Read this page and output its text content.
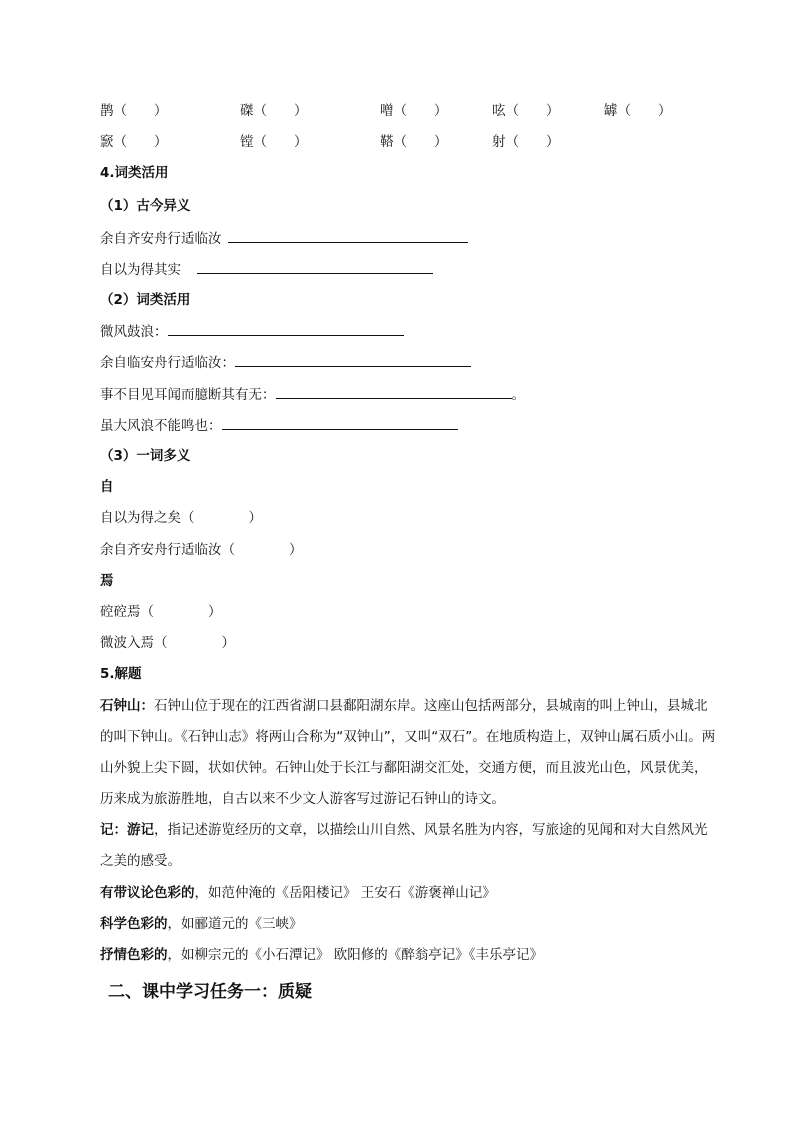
鹊（　　）	磔（　　）	噌（　　）	呟（　　）	罅（　　）
窾（　　）	镗（　　）	鞳（　　）	射（　　）
4.词类活用
（1）古今异义
余自齐安舟行适临汝
自以为得其实
（2）词类活用
微风鼓浪：
余自临安舟行适临汝：
事不目见耳闻而臆断其有无：	。
虽大风浪不能鸣也：
（3）一词多义
自
自以为得之矣（　　　　）
余自齐安舟行适临汝（　　　　）
焉
硿硿焉（　　　　）
微波入焉（　　　　）
5.解题
石钟山：石钟山位于现在的江西省湖口县鄱阳湖东岸。这座山包括两部分，县城南的叫上钟山，县城北的叫下钟山。《石钟山志》将两山合称为“双钟山”，又叫“双石”。在地质构造上，双钟山属石质小山。两山外貌上尖下圆，状如伏钟。石钟山处于长江与鄱阳湖交汇处，交通方便，而且波光山色，风景优美，历来成为旅游胜地，自古以来不少文人游客写过游记石钟山的诗文。
记：游记，指记述游览经历的文章，以描绘山川自然、风景名胜为内容，写旅途的见闻和对大自然风光之美的感受。
有带议论色彩的，如范仲淹的《岳阳楼记》 王安石《游褒禅山记》
科学色彩的，如郦道元的《三峡》
抒情色彩的，如柳宗元的《小石潭记》 欧阳修的《醉翁亭记》《丰乐亭记》
二、课中学习任务一：质疑
